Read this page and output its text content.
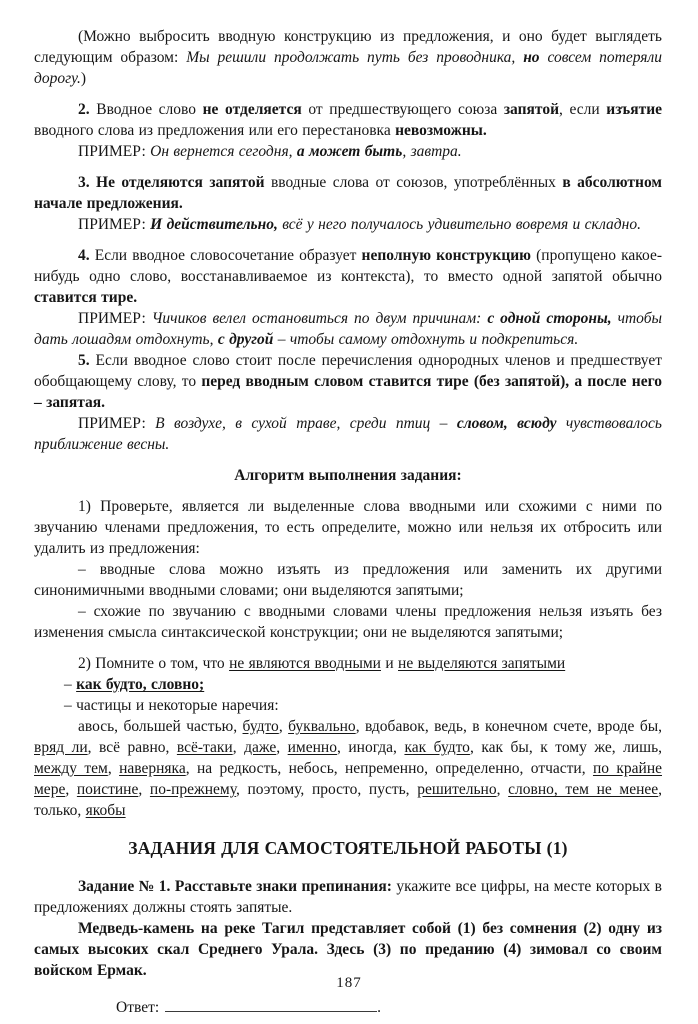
(Можно выбросить вводную конструкцию из предложения, и оно будет выглядеть следующим образом: Мы решили продолжать путь без проводника, но совсем потеряли дорогу.)
2. Вводное слово не отделяется от предшествующего союза запятой, если изъятие вводного слова из предложения или его перестановка невозможны.
ПРИМЕР: Он вернется сегодня, а может быть, завтра.
3. Не отделяются запятой вводные слова от союзов, употреблённых в абсолютном начале предложения.
ПРИМЕР: И действительно, всё у него получалось удивительно вовремя и складно.
4. Если вводное словосочетание образует неполную конструкцию (пропущено какое-нибудь одно слово, восстанавливаемое из контекста), то вместо одной запятой обычно ставится тире.
ПРИМЕР: Чичиков велел остановиться по двум причинам: с одной стороны, чтобы дать лошадям отдохнуть, с другой – чтобы самому отдохнуть и подкрепиться.
5. Если вводное слово стоит после перечисления однородных членов и предшествует обобщающему слову, то перед вводным словом ставится тире (без запятой), а после него – запятая.
ПРИМЕР: В воздухе, в сухой траве, среди птиц – словом, всюду чувствовалось приближение весны.
Алгоритм выполнения задания:
1) Проверьте, является ли выделенные слова вводными или схожими с ними по звучанию членами предложения, то есть определите, можно или нельзя их отбросить или удалить из предложения:
– вводные слова можно изъять из предложения или заменить их другими синонимичными вводными словами; они выделяются запятыми;
– схожие по звучанию с вводными словами члены предложения нельзя изъять без изменения смысла синтаксической конструкции; они не выделяются запятыми;
2) Помните о том, что не являются вводными и не выделяются запятыми
– как будто, словно;
– частицы и некоторые наречия:
авось, большей частью, будто, буквально, вдобавок, ведь, в конечном счете, вроде бы, вряд ли, всё равно, всё-таки, даже, именно, иногда, как будто, как бы, к тому же, лишь, между тем, наверняка, на редкость, небось, непременно, определенно, отчасти, по крайне мере, поистине, по-прежнему, поэтому, просто, пусть, решительно, словно, тем не менее, только, якобы
ЗАДАНИЯ ДЛЯ САМОСТОЯТЕЛЬНОЙ РАБОТЫ (1)
Задание № 1. Расставьте знаки препинания: укажите все цифры, на месте которых в предложениях должны стоять запятые.
Медведь-камень на реке Тагил представляет собой (1) без сомнения (2) одну из самых высоких скал Среднего Урала. Здесь (3) по преданию (4) зимовал со своим войском Ермак.
Ответ:	.
187
